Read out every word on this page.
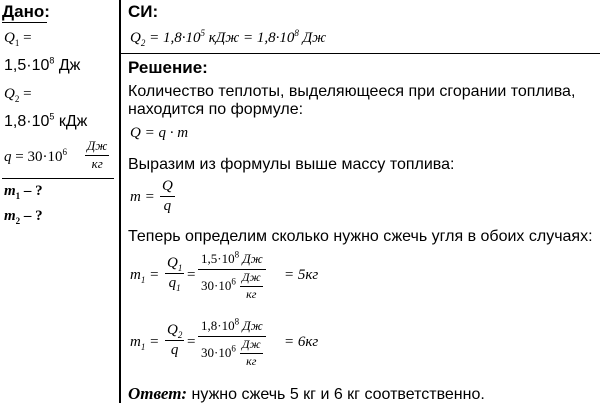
Дано:
$Q_1$ =
$1,5\cdot 10^8$ Дж
$Q_2$ =
$1,8\cdot 10^5$ кДж
$q = 30\cdot 10^6$ Дж
кг
$m_1$ – ?
$m_2$ – ?
СИ:
$Q_2 = 1,8\cdot 10^5$ кДж = $1,8\cdot 10^8$ Дж
Решение:
Количество теплоты, выделяющееся при сгорании топлива,
находится по формуле:
Q = q · m
Выразим из формулы выше массу топлива:
$m = \frac{Q}{q}$
Теперь определим сколько нужно сжечь угля в обоих случаях:
$m_1 = \frac{Q_1}{q_1}$ =
$1,5\cdot 10^8$ Дж
$30\cdot 10^6 \frac{Дж}{кг} = 5кг$
$m_1 = \frac{Q_2}{q}$ =
$1,8\cdot 10^8$ Дж
$30\cdot 10^6 \frac{Дж}{кг} = 6кг$
Ответ: нужно сжечь 5 кг и 6 кг соответственно.
